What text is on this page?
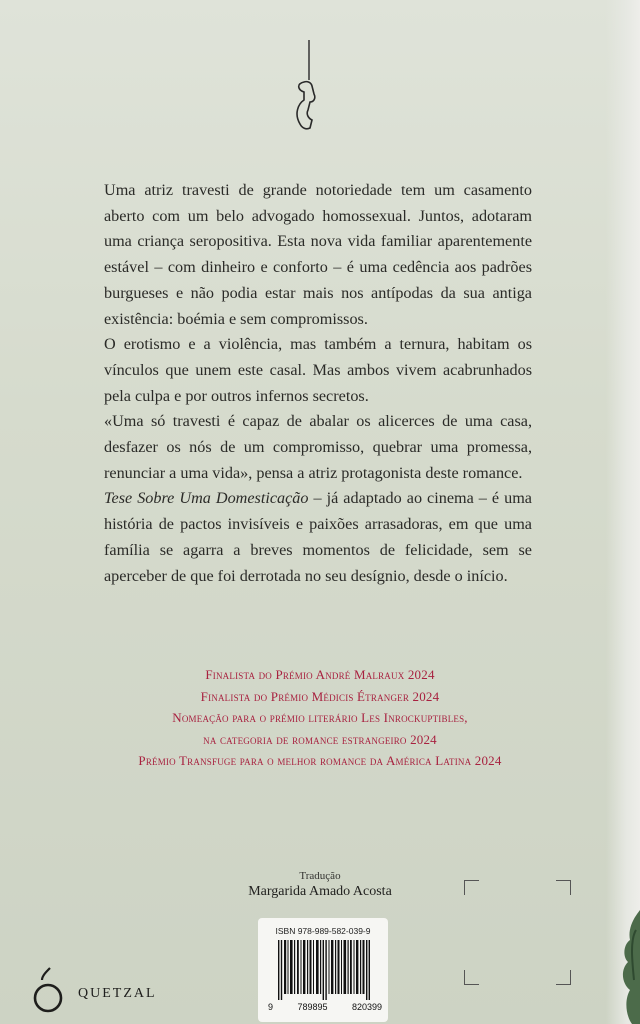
Uma atriz travesti de grande notoriedade tem um casamento aberto com um belo advogado homossexual. Juntos, adotaram uma criança seropositiva. Esta nova vida familiar aparentemente estável – com dinheiro e conforto – é uma cedência aos padrões burgueses e não podia estar mais nos antípodas da sua antiga existência: boémia e sem compromissos.

O erotismo e a violência, mas também a ternura, habitam os vínculos que unem este casal. Mas ambos vivem acabrunhados pela culpa e por outros infernos secretos.

«Uma só travesti é capaz de abalar os alicerces de uma casa, desfazer os nós de um compromisso, quebrar uma promessa, renunciar a uma vida», pensa a atriz protagonista deste romance.

Tese Sobre Uma Domesticação – já adaptado ao cinema – é uma história de pactos invisíveis e paixões arrasadoras, em que uma família se agarra a breves momentos de felicidade, sem se aperceber de que foi derrotada no seu desígnio, desde o início.

Finalista do Prémio André Malraux 2024
Finalista do Prémio Médicis Étranger 2024
Nomeação para o prémio literário Les Inrockuptibles,
na categoria de romance estrangeiro 2024
Prémio Transfuge para o melhor romance da América Latina 2024
Tradução
Margarida Amado Acosta
ISBN 978-989-582-039-9
9	789895	820399
QUETZAL
